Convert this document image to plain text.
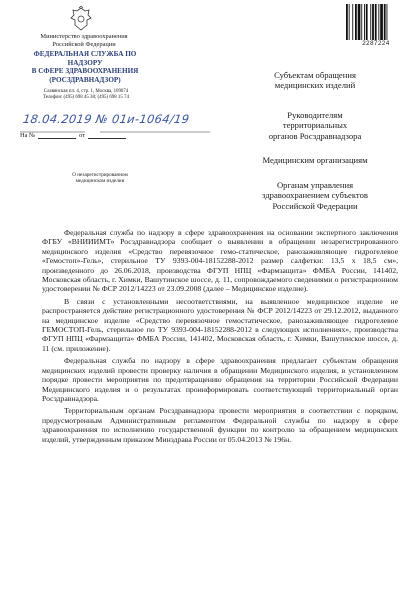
Министерство здравоохранения
Российской Федерации
ФЕДЕРАЛЬНАЯ СЛУЖБА ПО НАДЗОРУ
В СФЕРЕ ЗДРАВООХРАНЕНИЯ
(РОСЗДРАВНАДЗОР)
Славянская пл. 4, стр. 1, Москва, 109074
Телефон: (495) 698 45 38; (495) 698 15 74
18.04.2019 № 01и-1064/19
На №	от
О незарегистрированном
медицинском изделии
2287224
Субъектам обращения
медицинских изделий
Руководителям
территориальных
органов Росздравнадзора
Медицинским организациям
Органам управления
здравоохранением субъектов
Российской Федерации

Федеральная служба по надзору в сфере здравоохранения на основании экспертного заключения ФГБУ «ВНИИИМТ» Росздравнадзора сообщает о выявлении в обращении незарегистрированного медицинского изделия «Средство перевязочное гемо-статическое, ранозаживляющее гидрогелевое «Гемостоп»-Гель», стерильное ТУ 9393-004-18152288-2012 размер салфетки: 13,5 х 18,5 см», произведенного до 26.06.2018, производства ФГУП НПЦ «Фармзащита» ФМБА России, 141402, Московская область, г. Химки, Вашутинское шоссе, д. 11, сопровождаемого сведениями о регистрационном удостоверении № ФСР 2012/14223 от 23.09.2008 (далее – Медицинское изделие).

В связи с установленными несоответствиями, на выявленное медицинское изделие не распространяется действие регистрационного удостоверения № ФСР 2012/14223 от 29.12.2012, выданного на медицинское изделие «Средство перевязочное гемостатическое, ранозаживляющее гидрогелевое ГЕМОСТОП-Гель, стерильное по ТУ 9393-004-18152288-2012 в следующих исполнениях», производства ФГУП НПЦ «Фармзащита» ФМБА России, 141402, Московская область, г. Химки, Вашутинское шоссе, д. 11 (см. приложение).

Федеральная служба по надзору в сфере здравоохранения предлагает субъектам обращения медицинских изделий провести проверку наличия в обращении Медицинского изделия, в установленном порядке провести мероприятия по предотвращению обращения на территории Российской Федерации Медицинского изделия и о результатах проинформировать соответствующий территориальный орган Росздравнадзора.

Территориальным органам Росздравнадзора провести мероприятия в соответствии с порядком, предусмотренным Административным регламентом Федеральной службы по надзору в сфере здравоохранения по исполнению государственной функции по контролю за обращением медицинских изделий, утвержденным приказом Минздрава России от 05.04.2013 № 196н.
